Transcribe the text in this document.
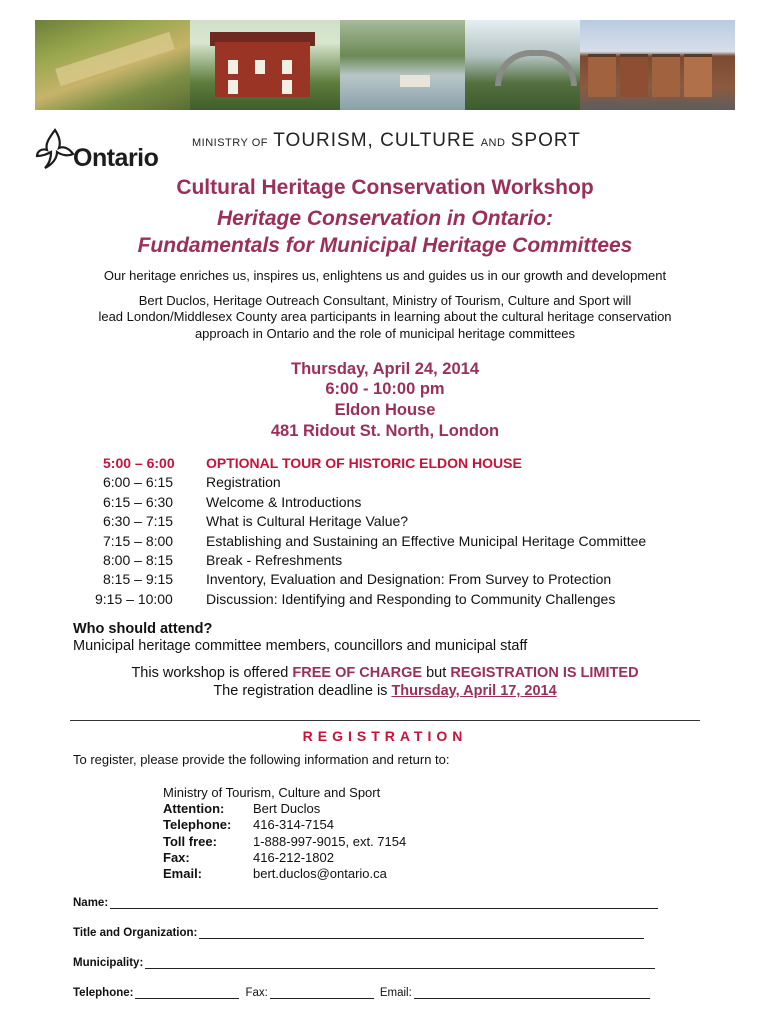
Ontario
MINISTRY OF TOURISM, CULTURE AND SPORT
Cultural Heritage Conservation Workshop
Heritage Conservation in Ontario:
Fundamentals for Municipal Heritage Committees
Our heritage enriches us, inspires us, enlightens us and guides us in our growth and development
Bert Duclos, Heritage Outreach Consultant, Ministry of Tourism, Culture and Sport will
lead London/Middlesex County area participants in learning about the cultural heritage conservation
approach in Ontario and the role of municipal heritage committees
Thursday, April 24, 2014
6:00 - 10:00 pm
Eldon House
481 Ridout St. North, London
5:00 – 6:00	OPTIONAL TOUR OF HISTORIC ELDON HOUSE
6:00 – 6:15	Registration
6:15 – 6:30	Welcome & Introductions
6:30 – 7:15	What is Cultural Heritage Value?
7:15 – 8:00	Establishing and Sustaining an Effective Municipal Heritage Committee
8:00 – 8:15	Break - Refreshments
8:15 – 9:15	Inventory, Evaluation and Designation: From Survey to Protection
9:15 – 10:00	Discussion: Identifying and Responding to Community Challenges
Who should attend?
Municipal heritage committee members, councillors and municipal staff
This workshop is offered FREE OF CHARGE but REGISTRATION IS LIMITED
The registration deadline is Thursday, April 17, 2014
REGISTRATION
To register, please provide the following information and return to:
Ministry of Tourism, Culture and Sport
Attention:	Bert Duclos
Telephone:	416-314-7154
Toll free:	1-888-997-9015, ext. 7154
Fax:	416-212-1802
Email:	bert.duclos@ontario.ca
Name:
Title and Organization:
Municipality:
Telephone:	Fax:	Email:
